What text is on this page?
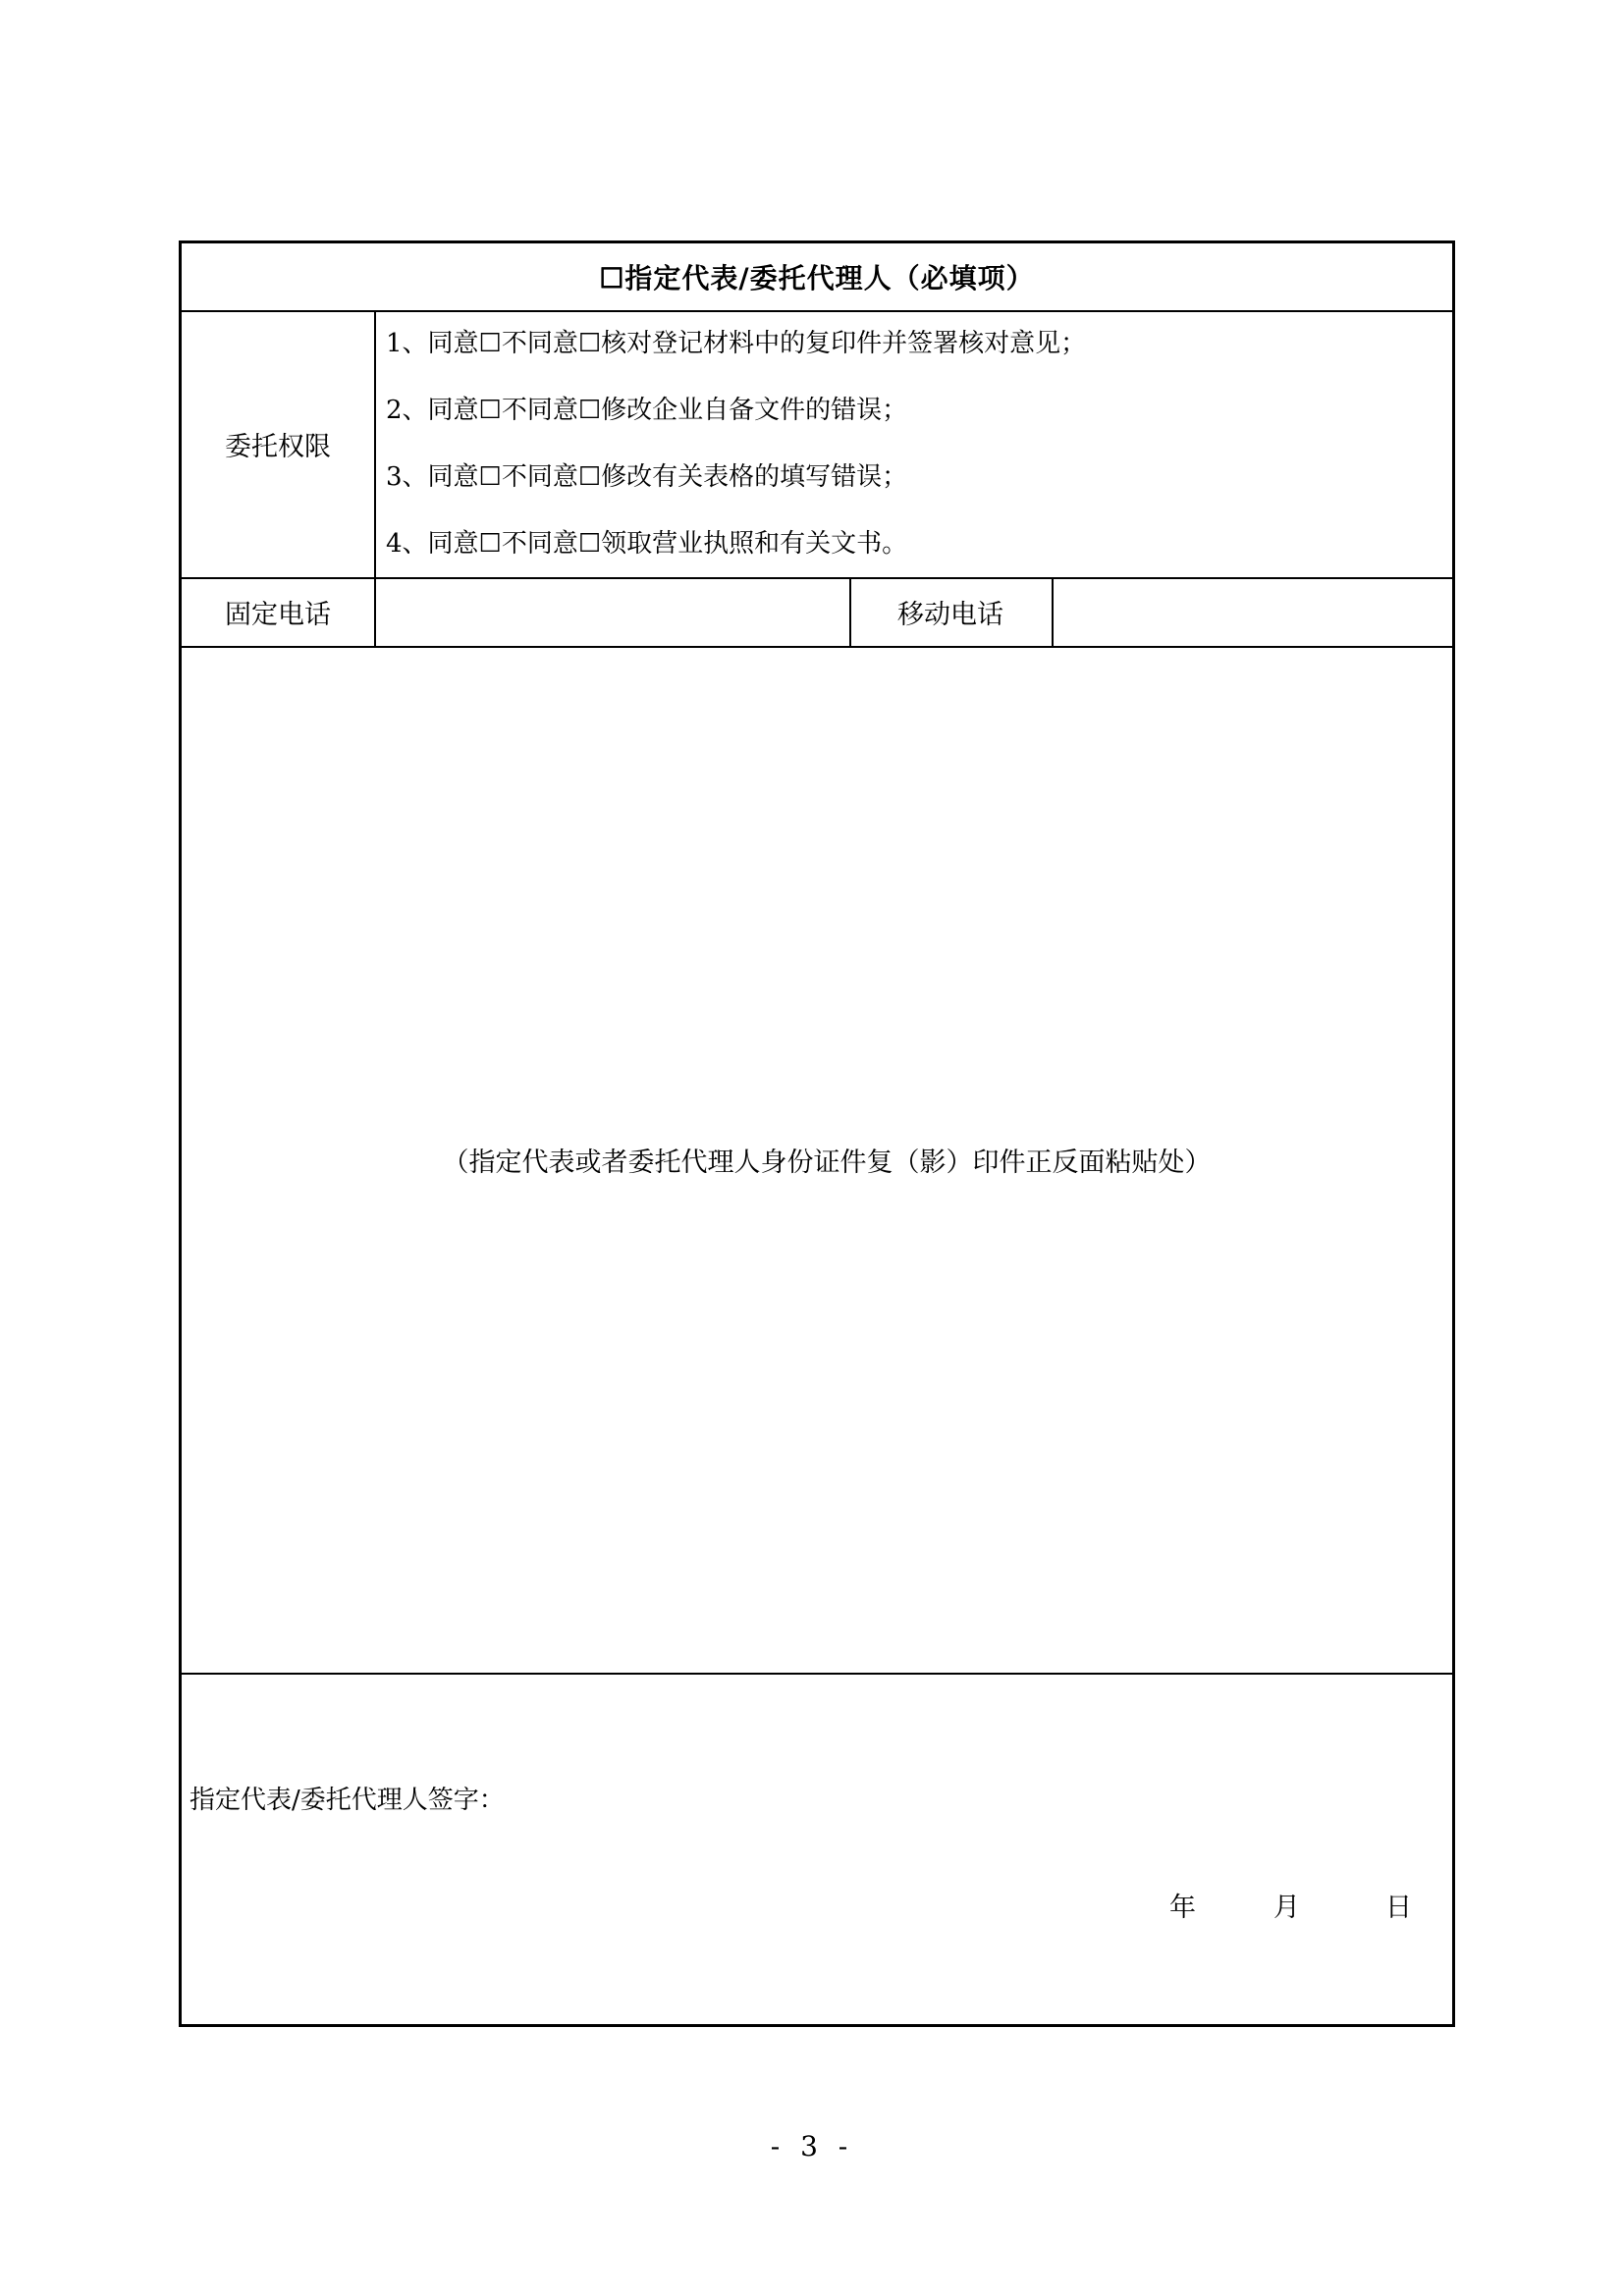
☐指定代表/委托代理人（必填项）
委托权限
1、同意☐不同意☐核对登记材料中的复印件并签署核对意见；
2、同意☐不同意☐修改企业自备文件的错误；
3、同意☐不同意☐修改有关表格的填写错误；
4、同意☐不同意☐领取营业执照和有关文书。
固定电话	移动电话
（指定代表或者委托代理人身份证件复（影）印件正反面粘贴处）
指定代表/委托代理人签字：
年	月	日
- 3 -
